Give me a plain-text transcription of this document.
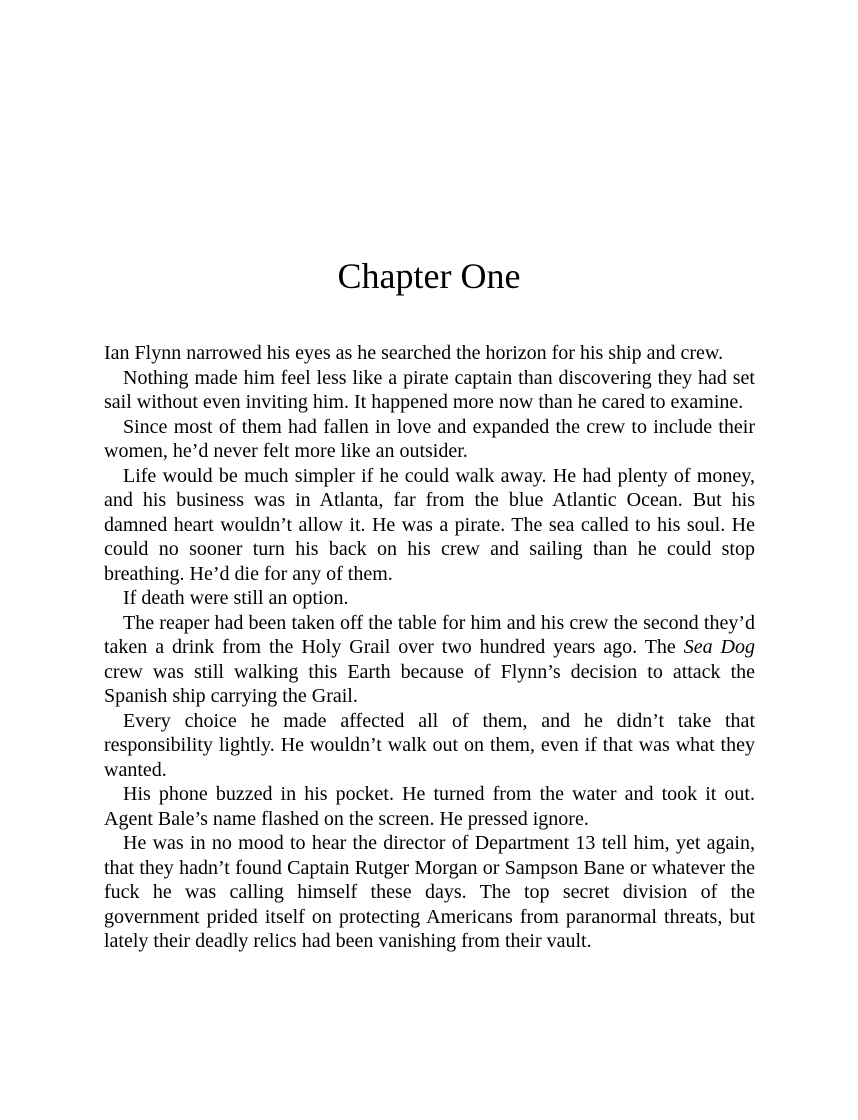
Chapter One

Ian Flynn narrowed his eyes as he searched the horizon for his ship and crew.

Nothing made him feel less like a pirate captain than discovering they had set sail without even inviting him. It happened more now than he cared to examine.

Since most of them had fallen in love and expanded the crew to include their women, he’d never felt more like an outsider.

Life would be much simpler if he could walk away. He had plenty of money, and his business was in Atlanta, far from the blue Atlantic Ocean. But his damned heart wouldn’t allow it. He was a pirate. The sea called to his soul. He could no sooner turn his back on his crew and sailing than he could stop breathing. He’d die for any of them.

If death were still an option.

The reaper had been taken off the table for him and his crew the second they’d taken a drink from the Holy Grail over two hundred years ago. The Sea Dog crew was still walking this Earth because of Flynn’s decision to attack the Spanish ship carrying the Grail.

Every choice he made affected all of them, and he didn’t take that responsibility lightly. He wouldn’t walk out on them, even if that was what they wanted.

His phone buzzed in his pocket. He turned from the water and took it out. Agent Bale’s name flashed on the screen. He pressed ignore.

He was in no mood to hear the director of Department 13 tell him, yet again, that they hadn’t found Captain Rutger Morgan or Sampson Bane or whatever the fuck he was calling himself these days. The top secret division of the government prided itself on protecting Americans from paranormal threats, but lately their deadly relics had been vanishing from their vault.
